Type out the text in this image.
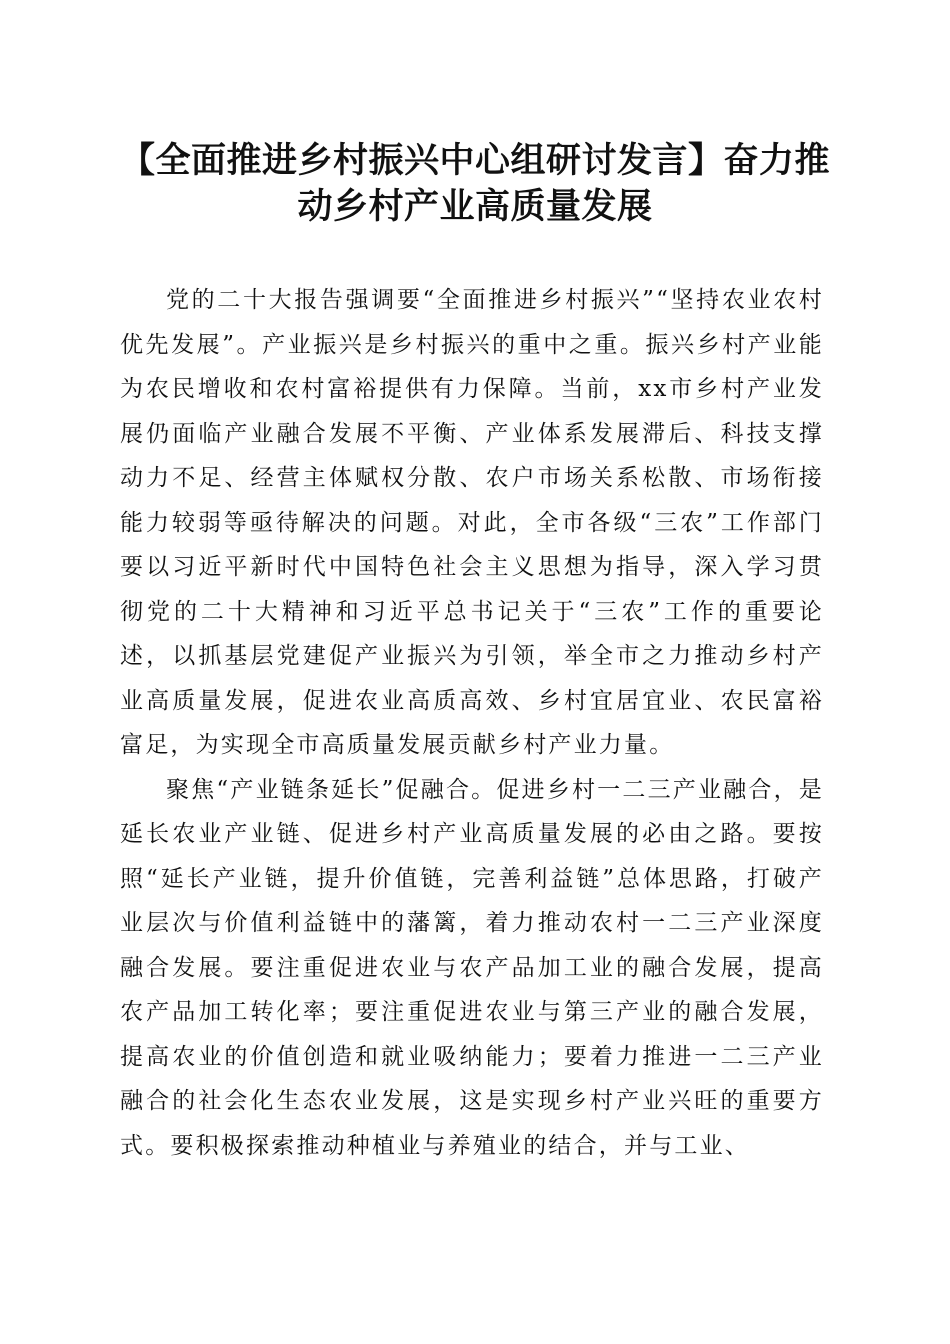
【全面推进乡村振兴中心组研讨发言】奋力推
动乡村产业高质量发展

党的二十大报告强调要“全面推进乡村振兴”“坚持农业农村优先发展”。产业振兴是乡村振兴的重中之重。振兴乡村产业能为农民增收和农村富裕提供有力保障。当前，xx市乡村产业发展仍面临产业融合发展不平衡、产业体系发展滞后、科技支撑动力不足、经营主体赋权分散、农户市场关系松散、市场衔接能力较弱等亟待解决的问题。对此，全市各级“三农”工作部门要以习近平新时代中国特色社会主义思想为指导，深入学习贯彻党的二十大精神和习近平总书记关于“三农”工作的重要论述，以抓基层党建促产业振兴为引领，举全市之力推动乡村产业高质量发展，促进农业高质高效、乡村宜居宜业、农民富裕富足，为实现全市高质量发展贡献乡村产业力量。

聚焦“产业链条延长”促融合。促进乡村一二三产业融合，是延长农业产业链、促进乡村产业高质量发展的必由之路。要按照“延长产业链，提升价值链，完善利益链”总体思路，打破产业层次与价值利益链中的藩篱，着力推动农村一二三产业深度融合发展。要注重促进农业与农产品加工业的融合发展，提高农产品加工转化率；要注重促进农业与第三产业的融合发展，提高农业的价值创造和就业吸纳能力；要着力推进一二三产业融合的社会化生态农业发展，这是实现乡村产业兴旺的重要方式。要积极探索推动种植业与养殖业的结合，并与工业、
